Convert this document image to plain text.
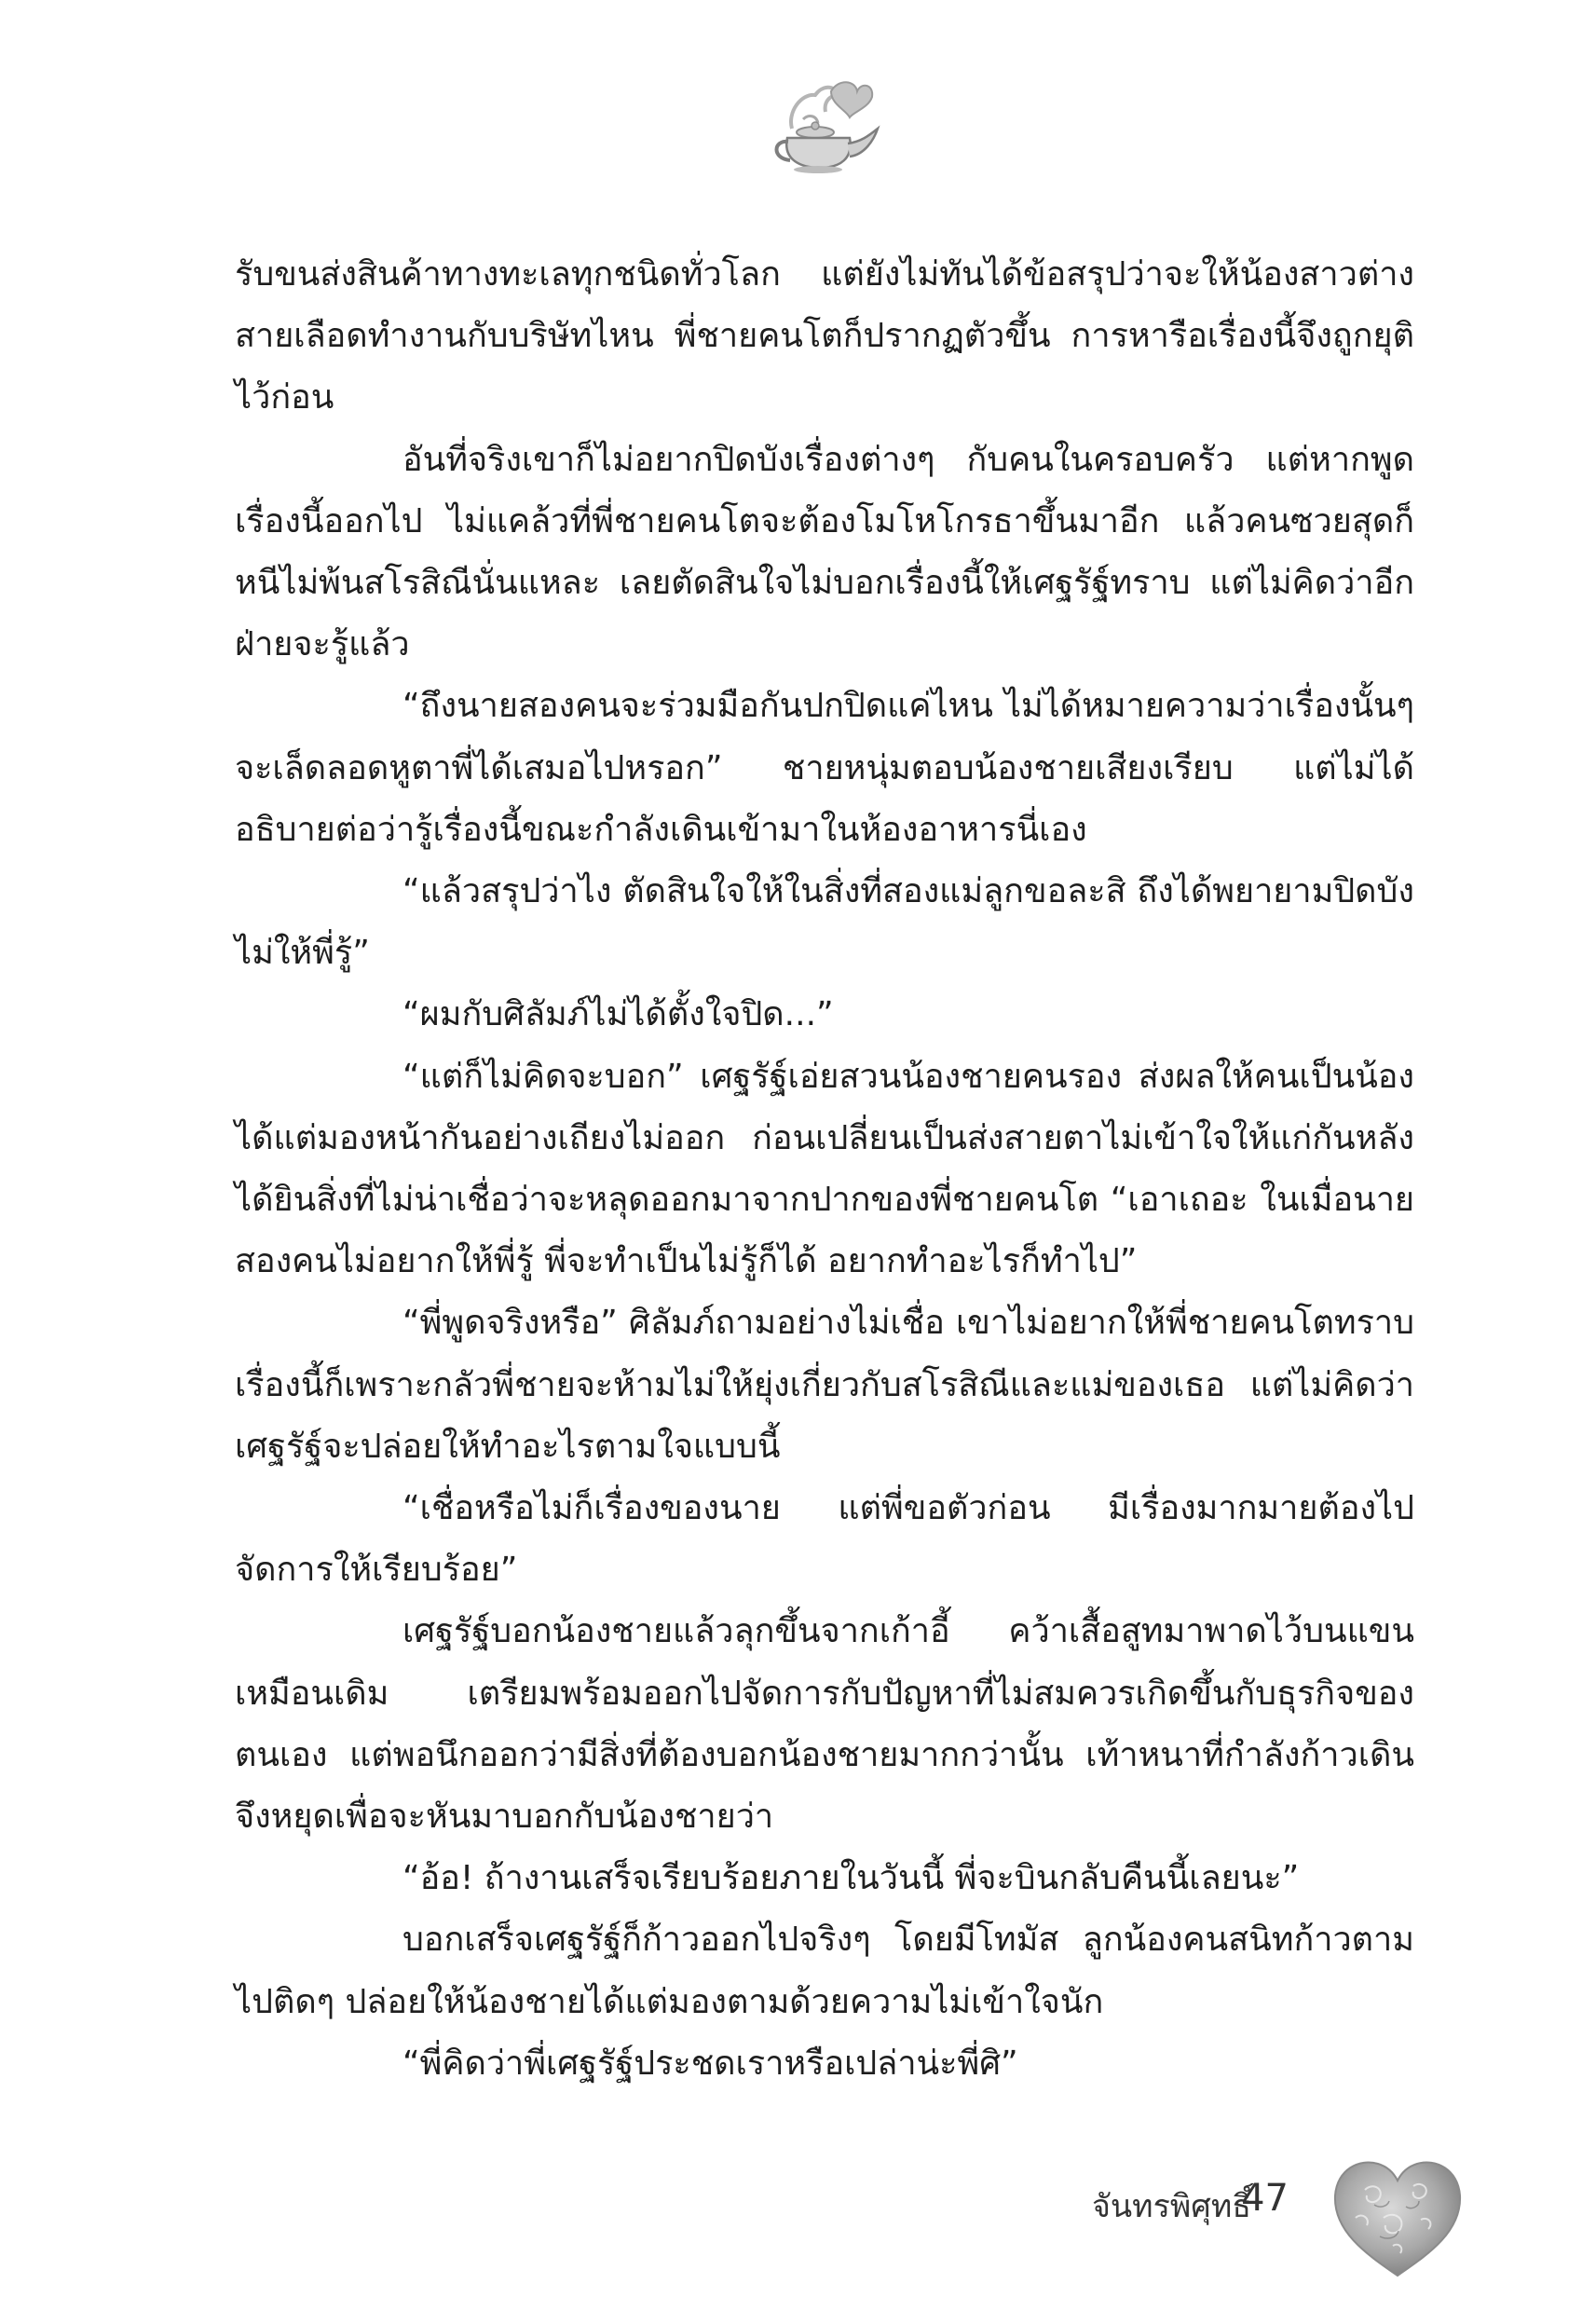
รับขนส่งสินค้าทางทะเลทุกชนิดทั่วโลก แต่ยังไม่ทันได้ข้อสรุปว่าจะให้น้องสาวต่างสายเลือดทำงานกับบริษัทไหน พี่ชายคนโตก็ปรากฏตัวขึ้น การหารือเรื่องนี้จึงถูกยุติไว้ก่อน

อันที่จริงเขาก็ไม่อยากปิดบังเรื่องต่างๆ กับคนในครอบครัว แต่หากพูดเรื่องนี้ออกไป ไม่แคล้วที่พี่ชายคนโตจะต้องโมโหโกรธาขึ้นมาอีก แล้วคนซวยสุดก็หนีไม่พ้นสโรสิณีนั่นแหละ เลยตัดสินใจไม่บอกเรื่องนี้ให้เศฐรัฐ์ทราบ แต่ไม่คิดว่าอีกฝ่ายจะรู้แล้ว

“ถึงนายสองคนจะร่วมมือกันปกปิดแค่ไหน ไม่ได้หมายความว่าเรื่องนั้นๆ จะเล็ดลอดหูตาพี่ได้เสมอไปหรอก” ชายหนุ่มตอบน้องชายเสียงเรียบ แต่ไม่ได้อธิบายต่อว่ารู้เรื่องนี้ขณะกำลังเดินเข้ามาในห้องอาหารนี่เอง

“แล้วสรุปว่าไง ตัดสินใจให้ในสิ่งที่สองแม่ลูกขอละสิ ถึงได้พยายามปิดบังไม่ให้พี่รู้”

“ผมกับศิลัมภ์ไม่ได้ตั้งใจปิด...”

“แต่ก็ไม่คิดจะบอก” เศฐรัฐ์เอ่ยสวนน้องชายคนรอง ส่งผลให้คนเป็นน้องได้แต่มองหน้ากันอย่างเถียงไม่ออก ก่อนเปลี่ยนเป็นส่งสายตาไม่เข้าใจให้แก่กันหลังได้ยินสิ่งที่ไม่น่าเชื่อว่าจะหลุดออกมาจากปากของพี่ชายคนโต “เอาเถอะ ในเมื่อนายสองคนไม่อยากให้พี่รู้ พี่จะทำเป็นไม่รู้ก็ได้ อยากทำอะไรก็ทำไป”

“พี่พูดจริงหรือ” ศิลัมภ์ถามอย่างไม่เชื่อ เขาไม่อยากให้พี่ชายคนโตทราบเรื่องนี้ก็เพราะกลัวพี่ชายจะห้ามไม่ให้ยุ่งเกี่ยวกับสโรสิณีและแม่ของเธอ แต่ไม่คิดว่าเศฐรัฐ์จะปล่อยให้ทำอะไรตามใจแบบนี้

“เชื่อหรือไม่ก็เรื่องของนาย แต่พี่ขอตัวก่อน มีเรื่องมากมายต้องไปจัดการให้เรียบร้อย”

เศฐรัฐ์บอกน้องชายแล้วลุกขึ้นจากเก้าอี้ คว้าเสื้อสูทมาพาดไว้บนแขนเหมือนเดิม เตรียมพร้อมออกไปจัดการกับปัญหาที่ไม่สมควรเกิดขึ้นกับธุรกิจของตนเอง แต่พอนึกออกว่ามีสิ่งที่ต้องบอกน้องชายมากกว่านั้น เท้าหนาที่กำลังก้าวเดินจึงหยุดเพื่อจะหันมาบอกกับน้องชายว่า

“อ้อ! ถ้างานเสร็จเรียบร้อยภายในวันนี้ พี่จะบินกลับคืนนี้เลยนะ”

บอกเสร็จเศฐรัฐ์ก็ก้าวออกไปจริงๆ โดยมีโทมัส ลูกน้องคนสนิทก้าวตามไปติดๆ ปล่อยให้น้องชายได้แต่มองตามด้วยความไม่เข้าใจนัก

“พี่คิดว่าพี่เศฐรัฐ์ประชดเราหรือเปล่าน่ะพี่ศิ”

จันทรพิศุทธิ์
47
